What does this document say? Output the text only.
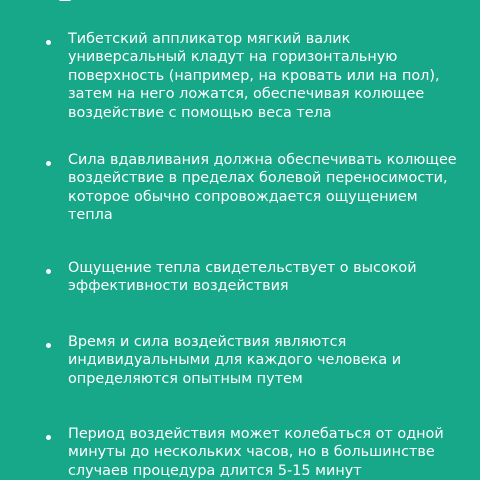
Тибетский аппликатор мягкий валик
универсальный кладут на горизонтальную
поверхность (например, на кровать или на пол),
затем на него ложатся, обеспечивая колющее
воздействие с помощью веса тела
Сила вдавливания должна обеспечивать колющее
воздействие в пределах болевой переносимости,
которое обычно сопровождается ощущением
тепла
Ощущение тепла свидетельствует о высокой
эффективности воздействия
Время и сила воздействия являются
индивидуальными для каждого человека и
определяются опытным путем
Период воздействия может колебаться от одной
минуты до нескольких часов, но в большинстве
случаев процедура длится 5-15 минут
